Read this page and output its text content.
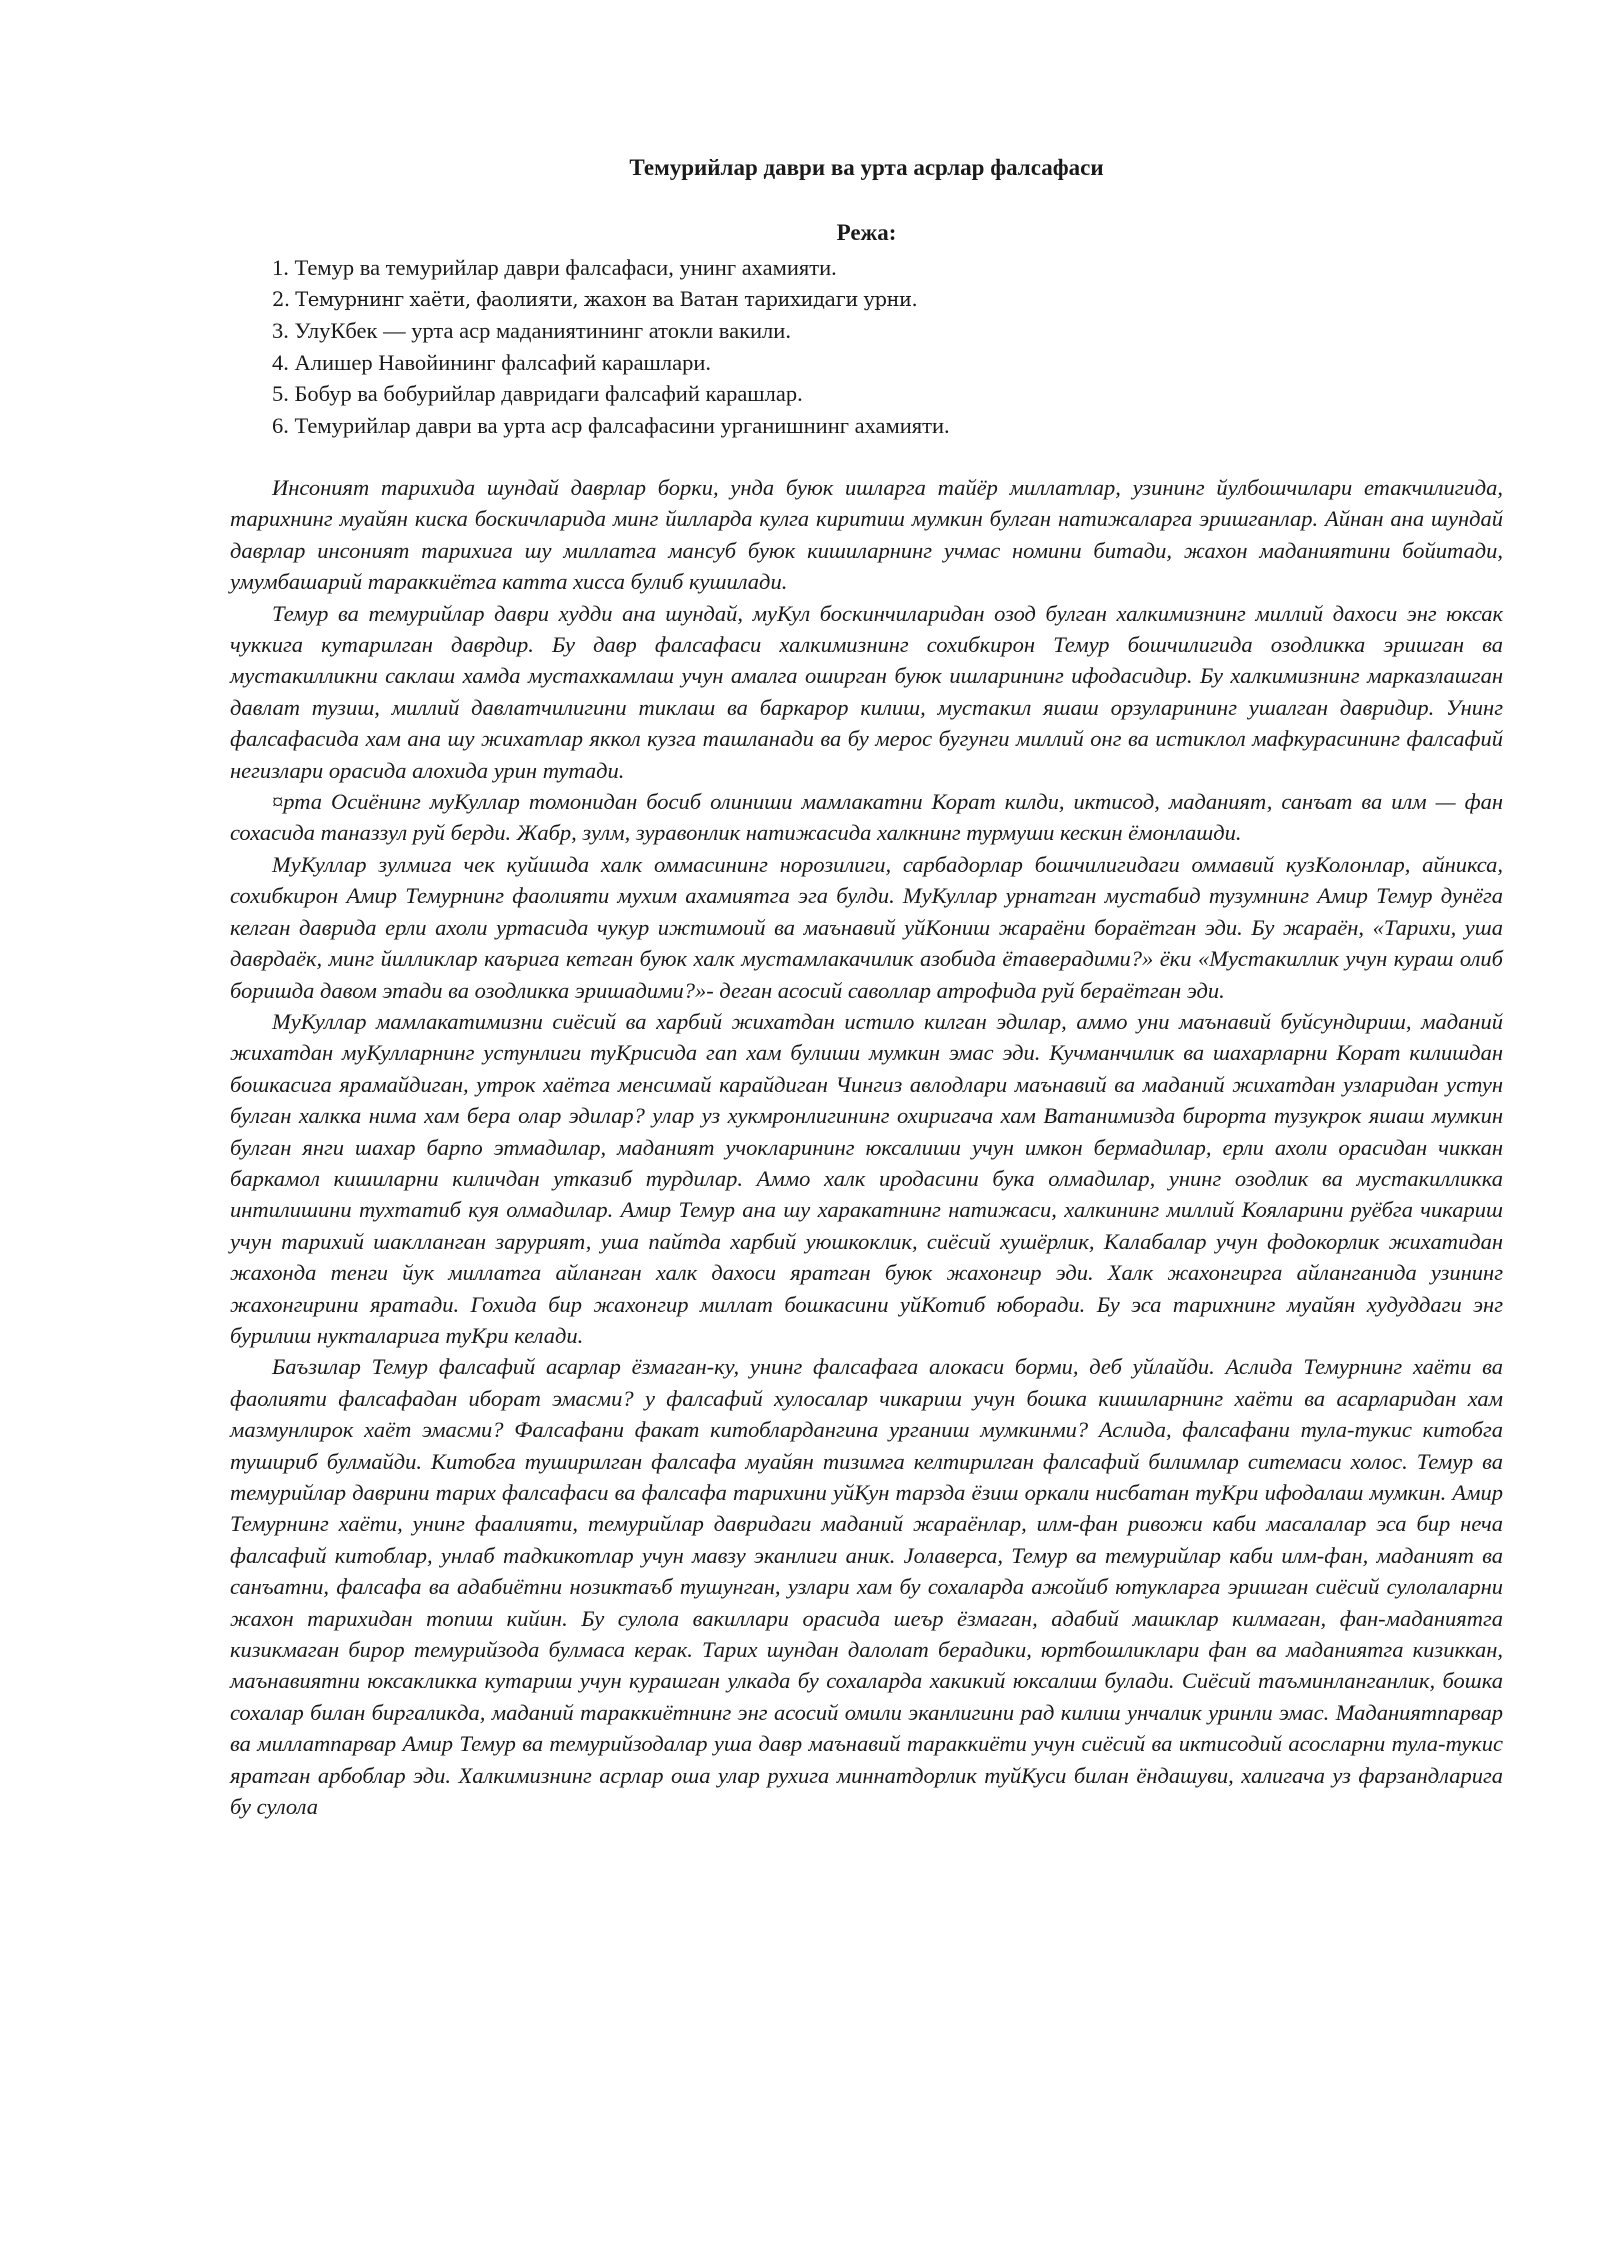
Темурийлар даври ва урта асрлар фалсафаси
Режа:
1. Темур ва темурийлар даври фалсафаси, унинг ахамияти.
2. Темурнинг хаёти, фаолияти, жахон ва Ватан тарихидаги урни.
3. УлуКбек — урта аср маданиятининг атокли вакили.
4. Алишер Навойининг фалсафий карашлари.
5. Бобур ва бобурийлар давридаги фалсафий карашлар.
6. Темурийлар даври ва урта аср фалсафасини урганишнинг ахамияти.

Инсоният тарихида шундай даврлар борки, унда буюк ишларга тайёр миллатлар, узининг йулбошчилари етакчилигида, тарихнинг муайян киска боскичларида минг йилларда кулга киритиш мумкин булган натижаларга эришганлар. Айнан ана шундай даврлар инсоният тарихига шу миллатга мансуб буюк кишиларнинг учмас номини битади, жахон маданиятини бойитади, умумбашарий тараккиётга катта хисса булиб кушилади.

Темур ва темурийлар даври худди ана шундай, муКул боскинчиларидан озод булган халкимизнинг миллий дахоси энг юксак чуккига кутарилган даврдир. Бу давр фалсафаси халкимизнинг сохибкирон Темур бошчилигида озодликка эришган ва мустакилликни саклаш хамда мустахкамлаш учун амалга оширган буюк ишларининг ифодасидир. Бу халкимизнинг марказлашган давлат тузиш, миллий давлатчилигини тиклаш ва баркарор килиш, мустакил яшаш орзуларининг ушалган давридир. Унинг фалсафасида хам ана шу жихатлар яккол кузга ташланади ва бу мерос бугунги миллий онг ва истиклол мафкурасининг фалсафий негизлари орасида алохида урин тутади.

¤рта Осиёнинг муКуллар томонидан босиб олиниши мамлакатни Корат килди, иктисод, маданият, санъат ва илм — фан сохасида таназзул руй берди. Жабр, зулм, зуравонлик натижасида халкнинг турмуши кескин ёмонлашди.

МуКуллар зулмига чек куйишда халк оммасининг норозилиги, сарбадорлар бошчилигидаги оммавий кузКолонлар, айникса, сохибкирон Амир Темурнинг фаолияти мухим ахамиятга эга булди. МуКуллар урнатган мустабид тузумнинг Амир Темур дунёга келган даврида ерли ахоли уртасида чукур ижтимоий ва маънавий уйКониш жараёни бораётган эди. Бу жараён, «Тарихи, уша даврдаёк, минг йилликлар каърига кетган буюк халк мустамлакачилик азобида ётаверадими?» ёки «Мустакиллик учун кураш олиб боришда давом этади ва озодликка эришадими?»- деган асосий саволлар атрофида руй бераётган эди.

МуКуллар мамлакатимизни сиёсий ва харбий жихатдан истило килган эдилар, аммо уни маънавий буйсундириш, маданий жихатдан муКулларнинг устунлиги туКрисида гап хам булиши мумкин эмас эди. Кучманчилик ва шахарларни Корат килишдан бошкасига ярамайдиган, утрок хаётга менсимай карайдиган Чингиз авлодлари маънавий ва маданий жихатдан узларидан устун булган халкка нима хам бера олар эдилар? улар уз хукмронлигининг охиригача хам Ватанимизда бирорта тузукрок яшаш мумкин булган янги шахар барпо этмадилар, маданият учокларининг юксалиши учун имкон бермадилар, ерли ахоли орасидан чиккан баркамол кишиларни киличдан утказиб турдилар. Аммо халк иродасини бука олмадилар, унинг озодлик ва мустакилликка интилишини тухтатиб куя олмадилар. Амир Темур ана шу харакатнинг натижаси, халкининг миллий Кояларини руёбга чикариш учун тарихий шаклланган зарурият, уша пайтда харбий уюшкоклик, сиёсий хушёрлик, Калабалар учун фодокорлик жихатидан жахонда тенги йук миллатга айланган халк дахоси яратган буюк жахонгир эди. Халк жахонгирга айланганида узининг жахонгирини яратади. Гохида бир жахонгир миллат бошкасини уйКотиб юборади. Бу эса тарихнинг муайян худуддаги энг бурилиш нукталарига туКри келади.

Баъзилар Темур фалсафий асарлар ёзмаган-ку, унинг фалсафага алокаси борми, деб уйлайди. Аслида Темурнинг хаёти ва фаолияти фалсафадан иборат эмасми? у фалсафий хулосалар чикариш учун бошка кишиларнинг хаёти ва асарларидан хам мазмунлирок хаёт эмасми? Фалсафани факат китоблардангина урганиш мумкинми? Аслида, фалсафани тула-тукис китобга тушириб булмайди. Китобга туширилган фалсафа муайян тизимга келтирилган фалсафий билимлар ситемаси холос. Темур ва темурийлар даврини тарих фалсафаси ва фалсафа тарихини уйКун тарзда ёзиш оркали нисбатан туКри ифодалаш мумкин. Амир Темурнинг хаёти, унинг фаалияти, темурийлар давридаги маданий жараёнлар, илм-фан ривожи каби масалалар эса бир неча фалсафий китоблар, унлаб тадкикотлар учун мавзу эканлиги аник. Јолаверса, Темур ва темурийлар каби илм-фан, маданият ва санъатни, фалсафа ва адабиётни нозиктаъб тушунган, узлари хам бу сохаларда ажойиб ютукларга эришган сиёсий сулолаларни жахон тарихидан топиш кийин. Бу сулола вакиллари орасида шеър ёзмаган, адабий машклар килмаган, фан-маданиятга кизикмаган бирор темурийзода булмаса керак. Тарих шундан далолат берадики, юртбошликлари фан ва маданиятга кизиккан, маънавиятни юксакликка кутариш учун курашган улкада бу сохаларда хакикий юксалиш булади. Сиёсий таъминланганлик, бошка сохалар билан биргаликда, маданий тараккиётнинг энг асосий омили эканлигини рад килиш унчалик уринли эмас. Маданиятпарвар ва миллатпарвар Амир Темур ва темурийзодалар уша давр маънавий тараккиёти учун сиёсий ва иктисодий асосларни тула-тукис яратган арбоблар эди. Халкимизнинг асрлар оша улар рухига миннатдорлик туйКуси билан ёндашуви, халигача уз фарзандларига бу сулола
